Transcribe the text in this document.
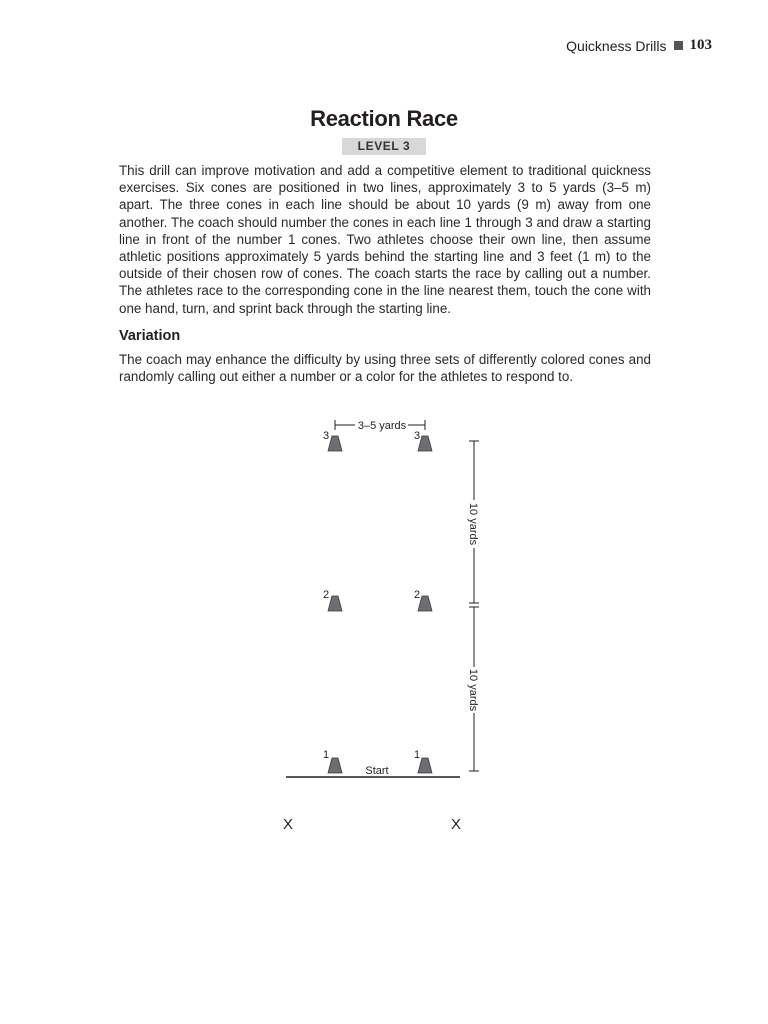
Quickness Drills 103
Reaction Race
LEVEL 3

This drill can improve motivation and add a competitive element to traditional quickness exercises. Six cones are positioned in two lines, approximately 3 to 5 yards (3–5 m) apart. The three cones in each line should be about 10 yards (9 m) away from one another. The coach should number the cones in each line 1 through 3 and draw a starting line in front of the number 1 cones. Two athletes choose their own line, then assume athletic positions approximately 5 yards behind the starting line and 3 feet (1 m) to the outside of their chosen row of cones. The coach starts the race by calling out a number. The athletes race to the corresponding cone in the line nearest them, touch the cone with one hand, turn, and sprint back through the starting line.

Variation

The coach may enhance the difficulty by using three sets of differently colored cones and randomly calling out either a number or a color for the athletes to respond to.

3–5 yards
10 yards
10 yards
3	3
2	2
1	1
Start
X	X
